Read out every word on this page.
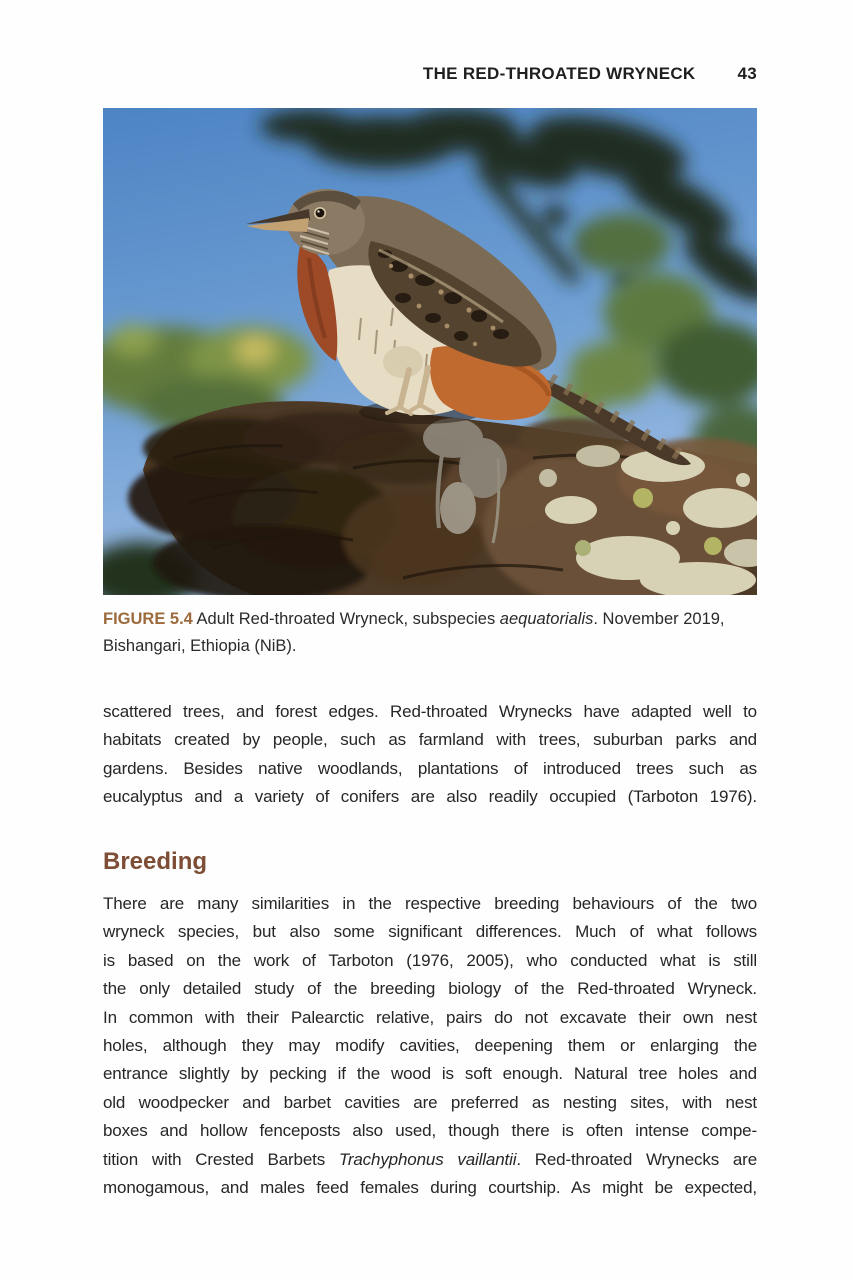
THE RED-THROATED WRYNECK 43
FIGURE 5.4 Adult Red-throated Wryneck, subspecies aequatorialis. November 2019,
Bishangari, Ethiopia (NiB).
scattered trees, and forest edges. Red-throated Wrynecks have adapted well to
habitats created by people, such as farmland with trees, suburban parks and
gardens. Besides native woodlands, plantations of introduced trees such as
eucalyptus and a variety of conifers are also readily occupied (Tarboton 1976).
Breeding
There are many similarities in the respective breeding behaviours of the two
wryneck species, but also some significant differences. Much of what follows
is based on the work of Tarboton (1976, 2005), who conducted what is still
the only detailed study of the breeding biology of the Red-throated Wryneck.
In common with their Palearctic relative, pairs do not excavate their own nest
holes, although they may modify cavities, deepening them or enlarging the
entrance slightly by pecking if the wood is soft enough. Natural tree holes and
old woodpecker and barbet cavities are preferred as nesting sites, with nest
boxes and hollow fenceposts also used, though there is often intense compe-
tition with Crested Barbets Trachyphonus vaillantii. Red-throated Wrynecks are
monogamous, and males feed females during courtship. As might be expected,
